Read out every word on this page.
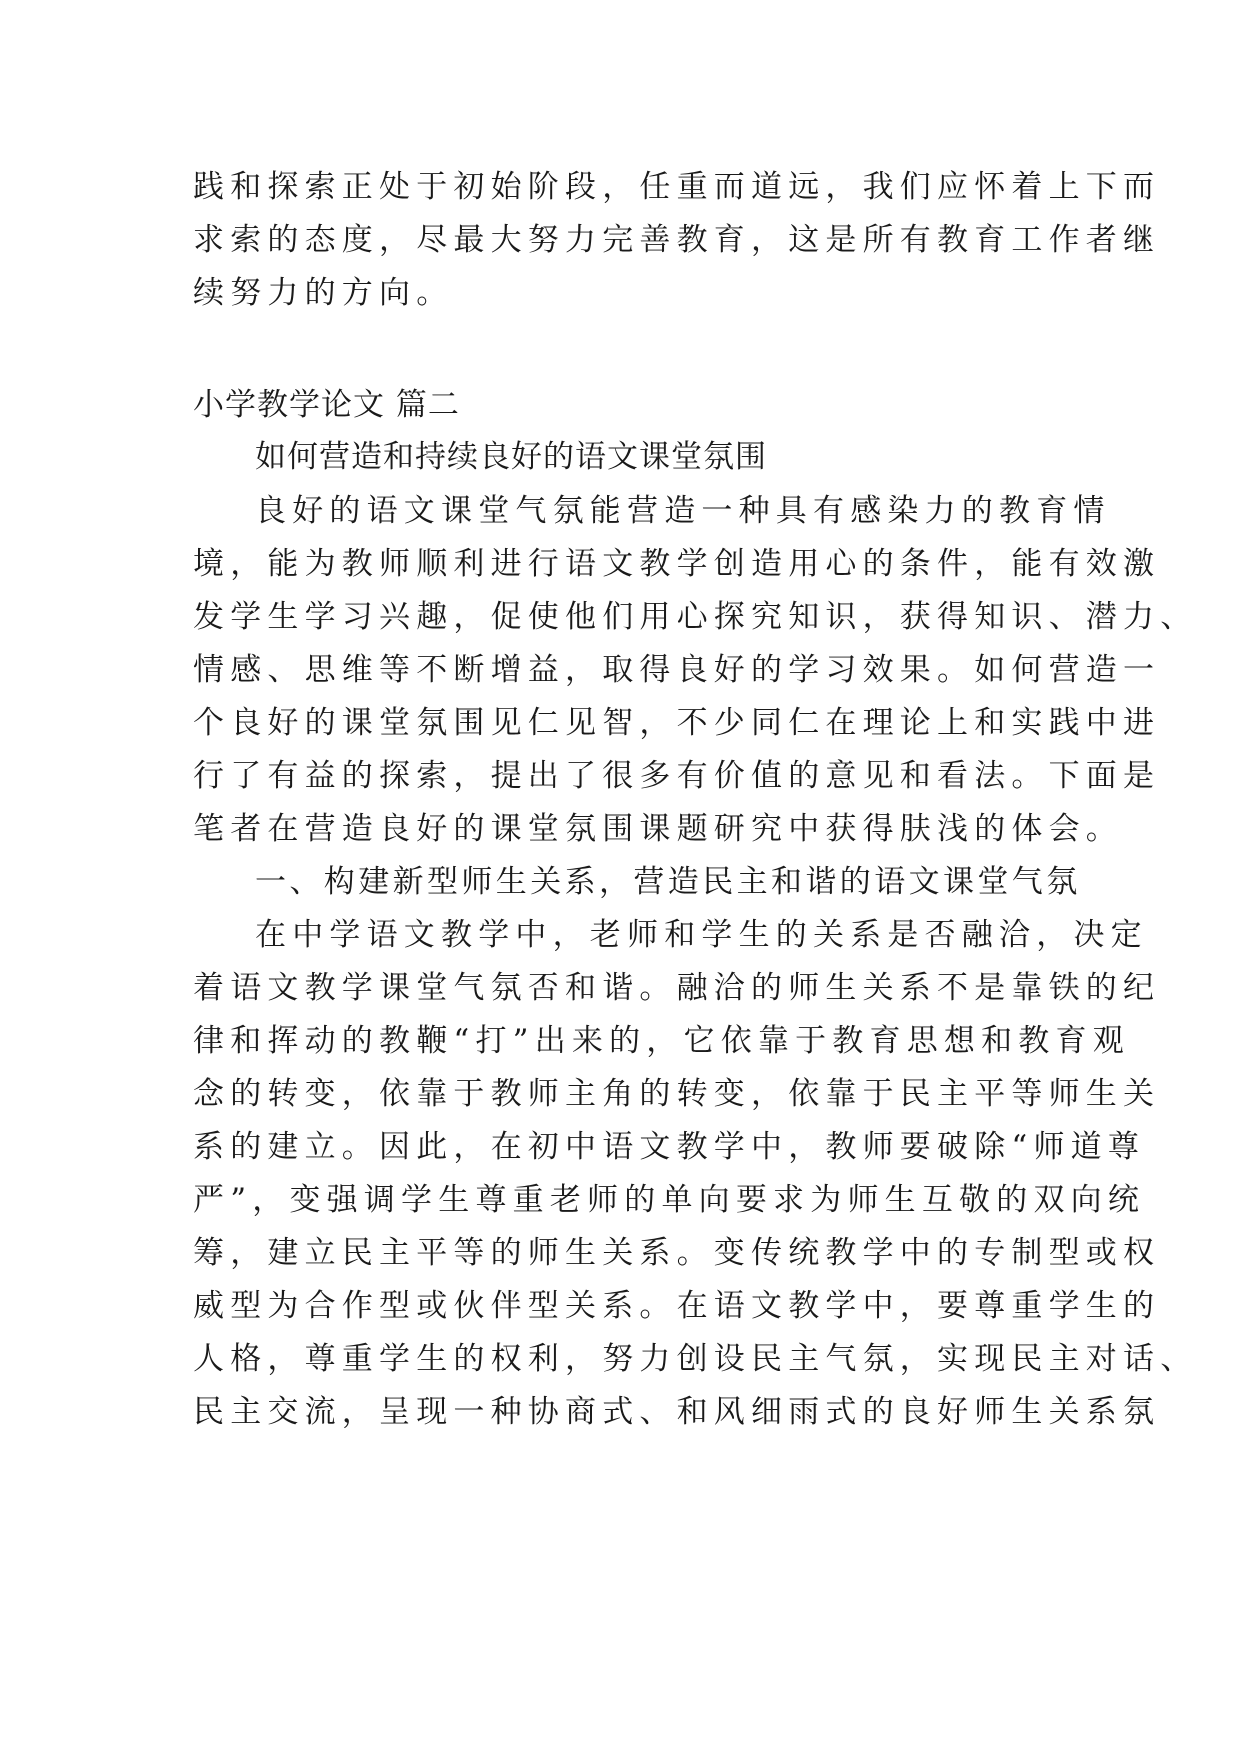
践和探索正处于初始阶段，任重而道远，我们应怀着上下而
求索的态度，尽最大努力完善教育，这是所有教育工作者继
续努力的方向。
小学教学论文 篇二
如何营造和持续良好的语文课堂氛围
良好的语文课堂气氛能营造一种具有感染力的教育情
境，能为教师顺利进行语文教学创造用心的条件，能有效激
发学生学习兴趣，促使他们用心探究知识，获得知识、潜力、
情感、思维等不断增益，取得良好的学习效果。如何营造一
个良好的课堂氛围见仁见智，不少同仁在理论上和实践中进
行了有益的探索，提出了很多有价值的意见和看法。下面是
笔者在营造良好的课堂氛围课题研究中获得肤浅的体会。
一、构建新型师生关系，营造民主和谐的语文课堂气氛
在中学语文教学中，老师和学生的关系是否融洽，决定
着语文教学课堂气氛否和谐。融洽的师生关系不是靠铁的纪
律和挥动的教鞭“打”出来的，它依靠于教育思想和教育观
念的转变，依靠于教师主角的转变，依靠于民主平等师生关
系的建立。因此，在初中语文教学中，教师要破除“师道尊
严”，变强调学生尊重老师的单向要求为师生互敬的双向统
筹，建立民主平等的师生关系。变传统教学中的专制型或权
威型为合作型或伙伴型关系。在语文教学中，要尊重学生的
人格，尊重学生的权利，努力创设民主气氛，实现民主对话、
民主交流，呈现一种协商式、和风细雨式的良好师生关系氛
